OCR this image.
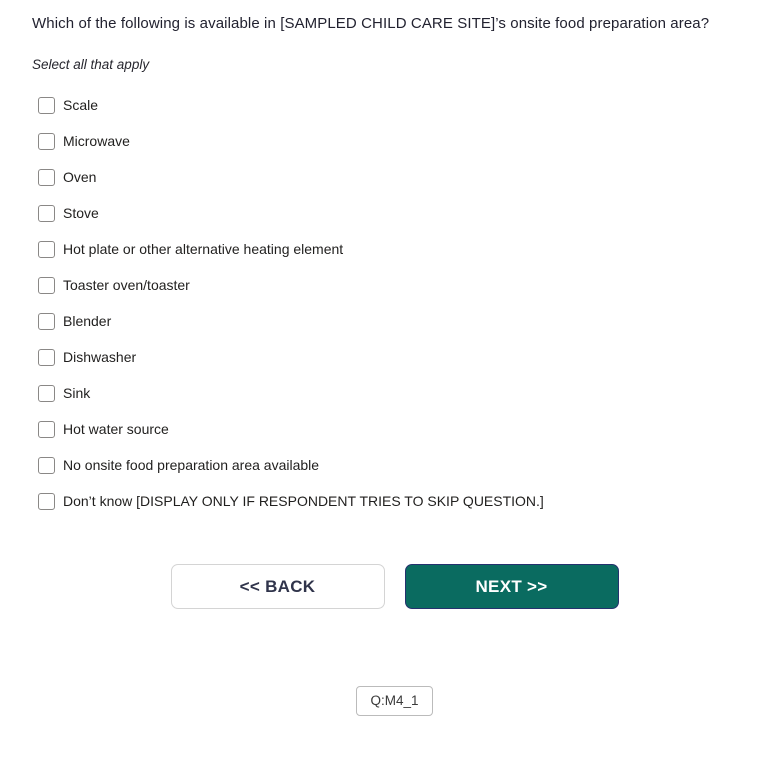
Which of the following is available in [SAMPLED CHILD CARE SITE]’s onsite food preparation area?
Select all that apply
Scale
Microwave
Oven
Stove
Hot plate or other alternative heating element
Toaster oven/toaster
Blender
Dishwasher
Sink
Hot water source
No onsite food preparation area available
Don’t know [DISPLAY ONLY IF RESPONDENT TRIES TO SKIP QUESTION.]
<< BACK	NEXT >>
Q:M4_1
